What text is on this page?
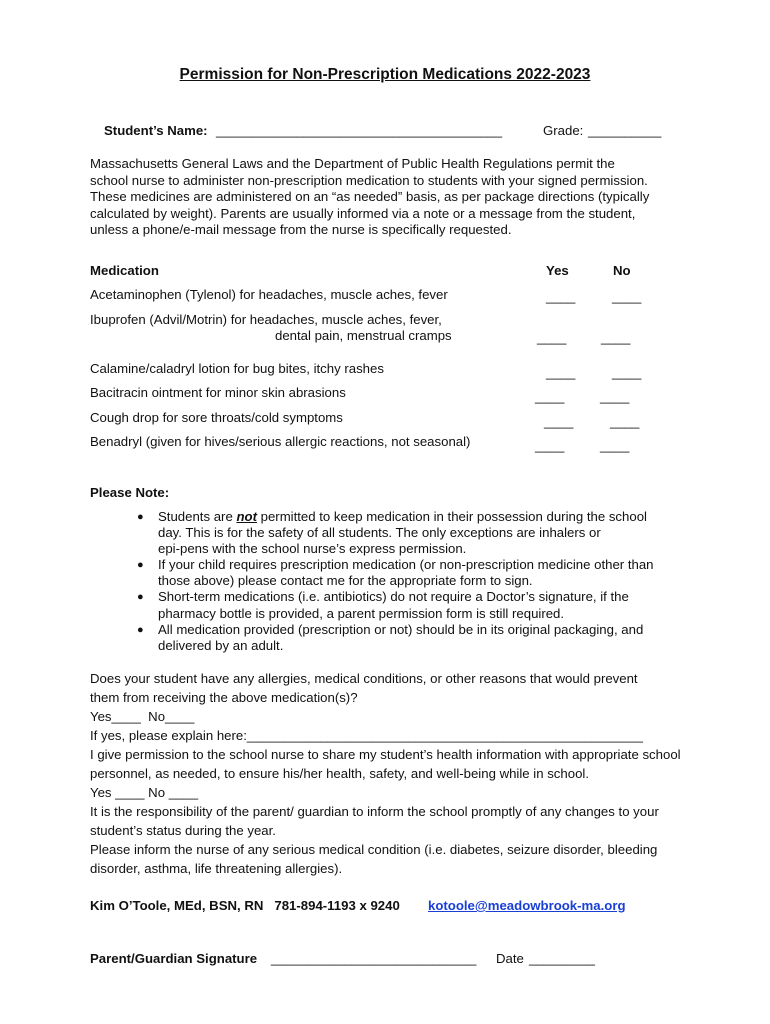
Permission for Non-Prescription Medications 2022-2023
Student’s Name: _______________________________________	Grade: __________
Massachusetts General Laws and the Department of Public Health Regulations permit the
school nurse to administer non-prescription medication to students with your signed permission.
These medicines are administered on an “as needed” basis, as per package directions (typically
calculated by weight). Parents are usually informed via a note or a message from the student,
unless a phone/e-mail message from the nurse is specifically requested.
Medication	Yes	No
Acetaminophen (Tylenol) for headaches, muscle aches, fever	____	____
Ibuprofen (Advil/Motrin) for headaches, muscle aches, fever,
dental pain, menstrual cramps	____	____
Calamine/caladryl lotion for bug bites, itchy rashes	____	____
Bacitracin ointment for minor skin abrasions	____	____
Cough drop for sore throats/cold symptoms	____	____
Benadryl (given for hives/serious allergic reactions, not seasonal)	____	____
Please Note:
● Students are not permitted to keep medication in their possession during the school
day. This is for the safety of all students. The only exceptions are inhalers or
epi-pens with the school nurse’s express permission.
● If your child requires prescription medication (or non-prescription medicine other than
those above) please contact me for the appropriate form to sign.
● Short-term medications (i.e. antibiotics) do not require a Doctor’s signature, if the
pharmacy bottle is provided, a parent permission form is still required.
● All medication provided (prescription or not) should be in its original packaging, and
delivered by an adult.
Does your student have any allergies, medical conditions, or other reasons that would prevent
them from receiving the above medication(s)?
Yes____  No____
If yes, please explain here:______________________________________________________
I give permission to the school nurse to share my student’s health information with appropriate school
personnel, as needed, to ensure his/her health, safety, and well-being while in school.
Yes ____ No ____
It is the responsibility of the parent/ guardian to inform the school promptly of any changes to your
student’s status during the year.
Please inform the nurse of any serious medical condition (i.e. diabetes, seizure disorder, bleeding
disorder, asthma, life threatening allergies).
Kim O’Toole, MEd, BSN, RN   781-894-1193 x 9240 kotoole@meadowbrook-ma.org
Parent/Guardian Signature ____________________________ Date _________
